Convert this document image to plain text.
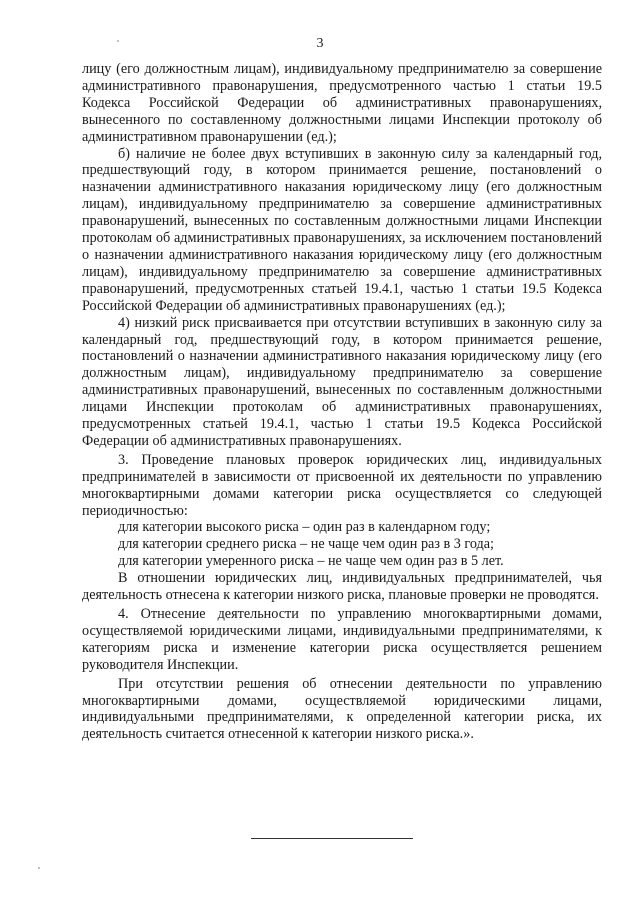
3

лицу (его должностным лицам), индивидуальному предпринимателю за совершение административного правонарушения, предусмотренного частью 1 статьи 19.5 Кодекса Российской Федерации об административных правонарушениях, вынесенного по составленному должностными лицами Инспекции протоколу об административном правонарушении (ед.);

б) наличие не более двух вступивших в законную силу за календарный год, предшествующий году, в котором принимается решение, постановлений о назначении административного наказания юридическому лицу (его должностным лицам), индивидуальному предпринимателю за совершение административных правонарушений, вынесенных по составленным должностными лицами Инспекции протоколам об административных правонарушениях, за исключением постановлений о назначении административного наказания юридическому лицу (его должностным лицам), индивидуальному предпринимателю за совершение административных правонарушений, предусмотренных статьей 19.4.1, частью 1 статьи 19.5 Кодекса Российской Федерации об административных правонарушениях (ед.);

4) низкий риск присваивается при отсутствии вступивших в законную силу за календарный год, предшествующий году, в котором принимается решение, постановлений о назначении административного наказания юридическому лицу (его должностным лицам), индивидуальному предпринимателю за совершение административных правонарушений, вынесенных по составленным должностными лицами Инспекции протоколам об административных правонарушениях, предусмотренных статьей 19.4.1, частью 1 статьи 19.5 Кодекса Российской Федерации об административных правонарушениях.

3. Проведение плановых проверок юридических лиц, индивидуальных предпринимателей в зависимости от присвоенной их деятельности по управлению многоквартирными домами категории риска осуществляется со следующей периодичностью:

для категории высокого риска – один раз в календарном году;

для категории среднего риска – не чаще чем один раз в 3 года;

для категории умеренного риска – не чаще чем один раз в 5 лет.

В отношении юридических лиц, индивидуальных предпринимателей, чья деятельность отнесена к категории низкого риска, плановые проверки не проводятся.

4. Отнесение деятельности по управлению многоквартирными домами, осуществляемой юридическими лицами, индивидуальными предпринимателями, к категориям риска и изменение категории риска осуществляется решением руководителя Инспекции.

При отсутствии решения об отнесении деятельности по управлению многоквартирными домами, осуществляемой юридическими лицами, индивидуальными предпринимателями, к определенной категории риска, их деятельность считается отнесенной к категории низкого риска.».
